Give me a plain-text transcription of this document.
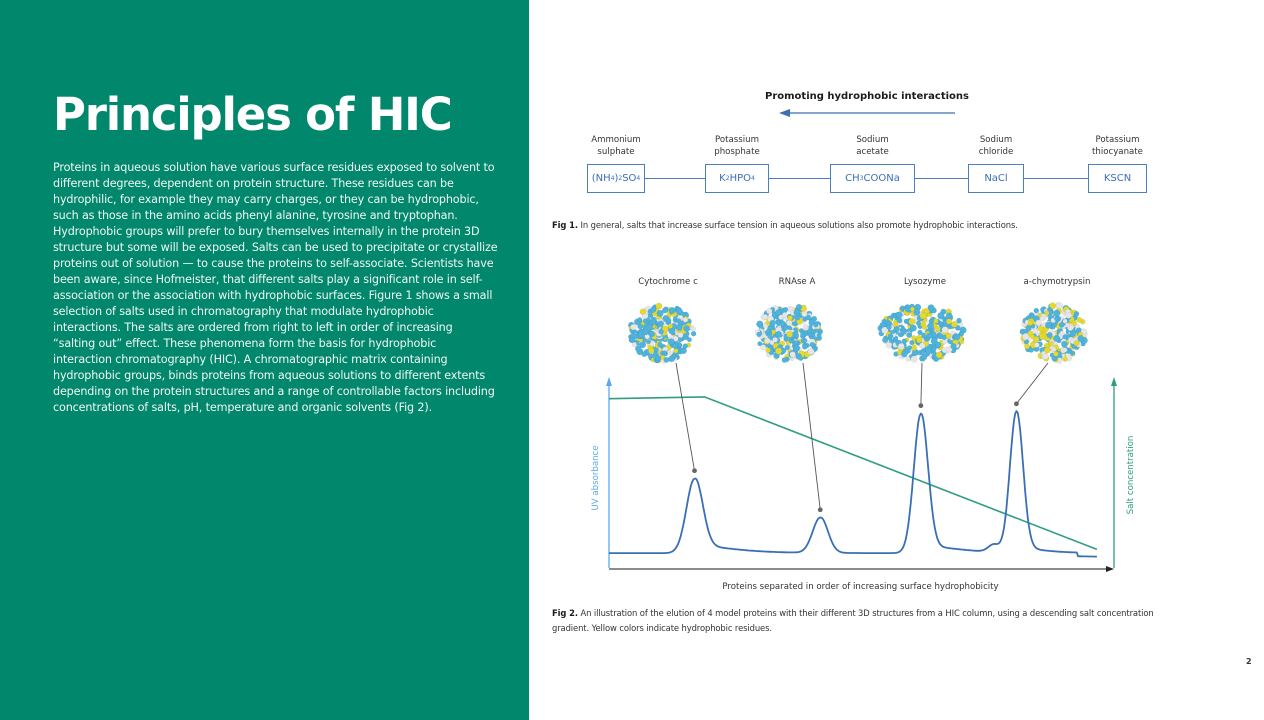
Principles of HIC

Proteins in aqueous solution have various surface residues exposed to solvent to different degrees, dependent on protein structure. These residues can be hydrophilic, for example they may carry charges, or they can be hydrophobic, such as those in the amino acids phenyl alanine, tyrosine and tryptophan. Hydrophobic groups will prefer to bury themselves internally in the protein 3D structure but some will be exposed. Salts can be used to precipitate or crystallize proteins out of solution — to cause the proteins to self-associate. Scientists have been aware, since Hofmeister, that different salts play a significant role in self-association or the association with hydrophobic surfaces. Figure 1 shows a small selection of salts used in chromatography that modulate hydrophobic interactions. The salts are ordered from right to left in order of increasing “salting out” effect. These phenomena form the basis for hydrophobic interaction chromatography (HIC). A chromatographic matrix containing hydrophobic groups, binds proteins from aqueous solutions to different extents depending on the protein structures and a range of controllable factors including concentrations of salts, pH, temperature and organic solvents (Fig 2).

Promoting hydrophobic interactions
Ammonium
sulphate
(NH 4 ) 2 SO 4
Potassium
phosphate
K 2 HPO 4
Sodium
acetate
CH 3 COONa
Sodium
chloride
NaCl
Potassium
thiocyanate
KSCN
Fig 1. In general, salts that increase surface tension in aqueous solutions also promote hydrophobic interactions.
Cytochrome c	RNAse A	Lysozyme	a-chymotrypsin
Proteins separated in order of increasing surface hydrophobicity
UV absorbance	Salt concentration
Fig 2. An illustration of the elution of 4 model proteins with their different 3D structures from a HIC column, using a descending salt concentration gradient. Yellow colors indicate hydrophobic residues.
2
